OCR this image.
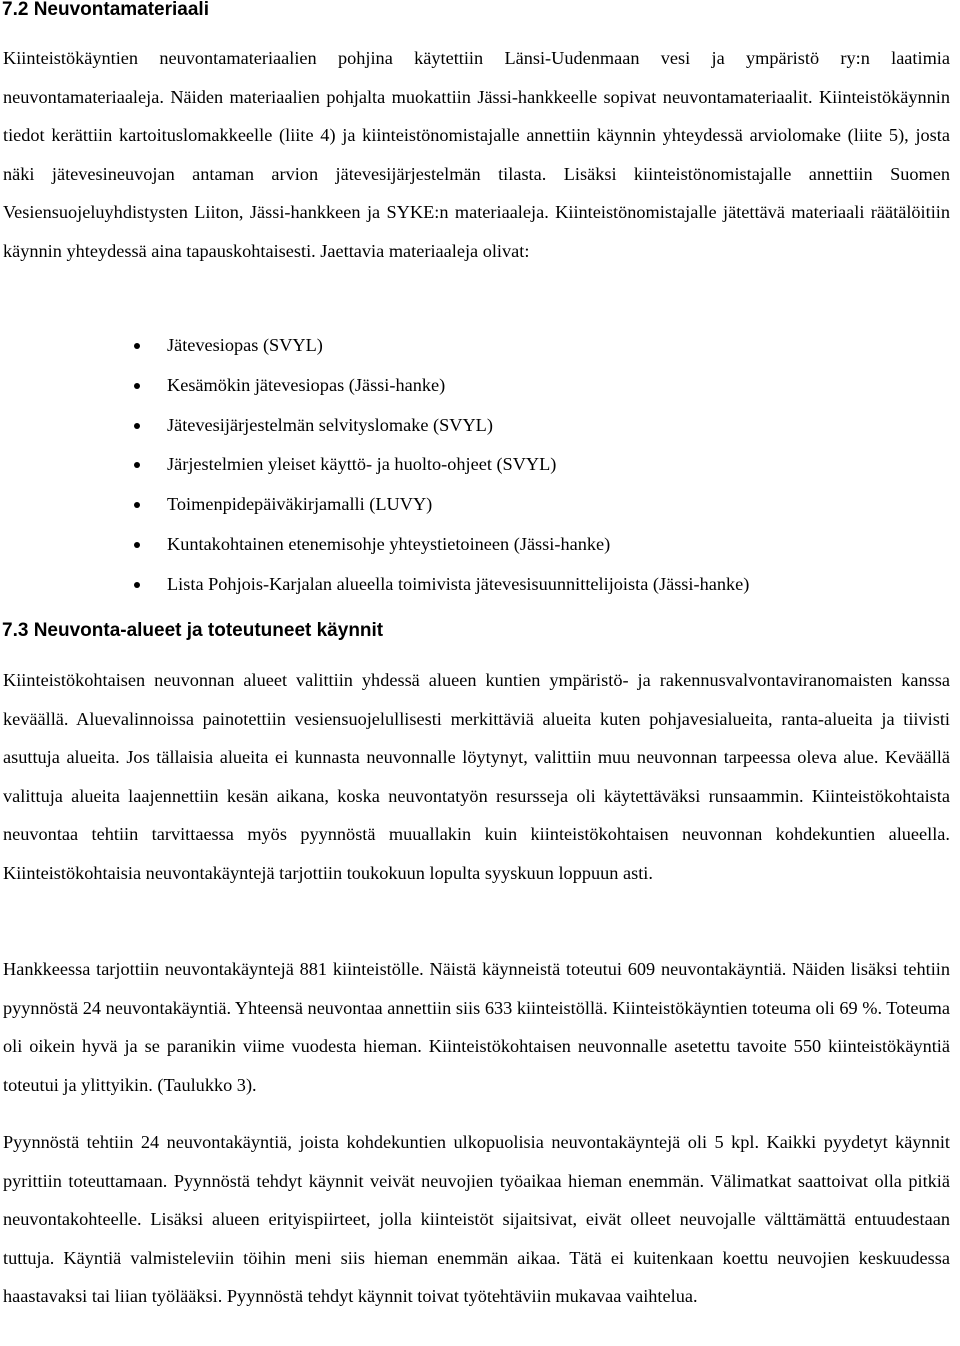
7.2 Neuvontamateriaali

Kiinteistökäyntien neuvontamateriaalien pohjina käytettiin Länsi-Uudenmaan vesi ja ympäristö ry:n laatimia neuvontamateriaaleja. Näiden materiaalien pohjalta muokattiin Jässi-hankkeelle sopivat neuvontamateriaalit. Kiinteistökäynnin tiedot kerättiin kartoituslomakkeelle (liite 4) ja kiinteistönomistajalle annettiin käynnin yhteydessä arviolomake (liite 5), josta näki jätevesineuvojan antaman arvion jätevesijärjestelmän tilasta. Lisäksi kiinteistönomistajalle annettiin Suomen Vesiensuojeluyhdistysten Liiton, Jässi-hankkeen ja SYKE:n materiaaleja. Kiinteistönomistajalle jätettävä materiaali räätälöitiin käynnin yhteydessä aina tapauskohtaisesti. Jaettavia materiaaleja olivat:

Jätevesiopas (SVYL)
Kesämökin jätevesiopas (Jässi-hanke)
Jätevesijärjestelmän selvityslomake (SVYL)
Järjestelmien yleiset käyttö- ja huolto-ohjeet (SVYL)
Toimenpidepäiväkirjamalli (LUVY)
Kuntakohtainen etenemisohje yhteystietoineen (Jässi-hanke)
Lista Pohjois-Karjalan alueella toimivista jätevesisuunnittelijoista (Jässi-hanke)
7.3 Neuvonta-alueet ja toteutuneet käynnit

Kiinteistökohtaisen neuvonnan alueet valittiin yhdessä alueen kuntien ympäristö- ja rakennusvalvontaviranomaisten kanssa keväällä. Aluevalinnoissa painotettiin vesiensuojelullisesti merkittäviä alueita kuten pohjavesialueita, ranta-alueita ja tiivisti asuttuja alueita. Jos tällaisia alueita ei kunnasta neuvonnalle löytynyt, valittiin muu neuvonnan tarpeessa oleva alue. Keväällä valittuja alueita laajennettiin kesän aikana, koska neuvontatyön resursseja oli käytettäväksi runsaammin. Kiinteistökohtaista neuvontaa tehtiin tarvittaessa myös pyynnöstä muuallakin kuin kiinteistökohtaisen neuvonnan kohdekuntien alueella. Kiinteistökohtaisia neuvontakäyntejä tarjottiin toukokuun lopulta syyskuun loppuun asti.

Hankkeessa tarjottiin neuvontakäyntejä 881 kiinteistölle. Näistä käynneistä toteutui 609 neuvontakäyntiä. Näiden lisäksi tehtiin pyynnöstä 24 neuvontakäyntiä. Yhteensä neuvontaa annettiin siis 633 kiinteistöllä. Kiinteistökäyntien toteuma oli 69 %. Toteuma oli oikein hyvä ja se paranikin viime vuodesta hieman. Kiinteistökohtaisen neuvonnalle asetettu tavoite 550 kiinteistökäyntiä toteutui ja ylittyikin. (Taulukko 3).

Pyynnöstä tehtiin 24 neuvontakäyntiä, joista kohdekuntien ulkopuolisia neuvontakäyntejä oli 5 kpl. Kaikki pyydetyt käynnit pyrittiin toteuttamaan. Pyynnöstä tehdyt käynnit veivät neuvojien työaikaa hieman enemmän. Välimatkat saattoivat olla pitkiä neuvontakohteelle. Lisäksi alueen erityispiirteet, jolla kiinteistöt sijaitsivat, eivät olleet neuvojalle välttämättä entuudestaan tuttuja. Käyntiä valmisteleviin töihin meni siis hieman enemmän aikaa. Tätä ei kuitenkaan koettu neuvojien keskuudessa haastavaksi tai liian työlääksi. Pyynnöstä tehdyt käynnit toivat työtehtäviin mukavaa vaihtelua.
